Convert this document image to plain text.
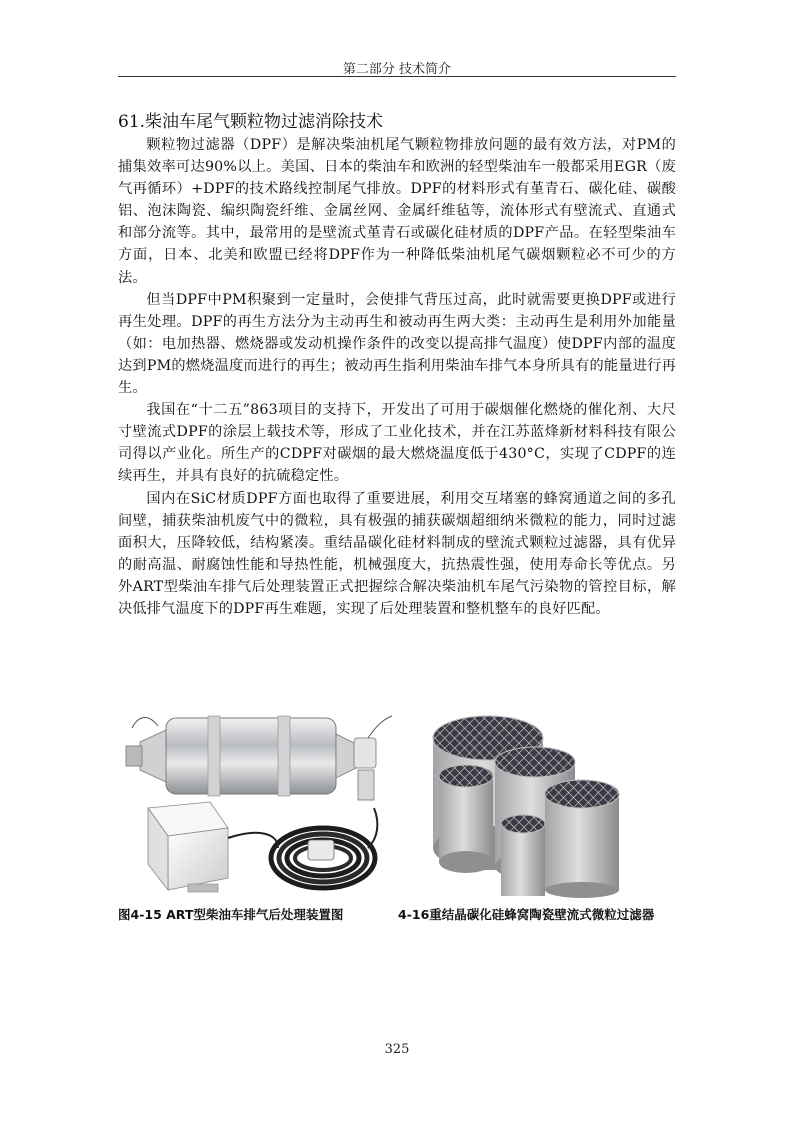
第二部分 技术简介
61.柴油车尾气颗粒物过滤消除技术

颗粒物过滤器（DPF）是解决柴油机尾气颗粒物排放问题的最有效方法，对PM的捕集效率可达90%以上。美国、日本的柴油车和欧洲的轻型柴油车一般都采用EGR（废气再循环）+DPF的技术路线控制尾气排放。DPF的材料形式有堇青石、碳化硅、碳酸铝、泡沫陶瓷、编织陶瓷纤维、金属丝网、金属纤维毡等，流体形式有壁流式、直通式和部分流等。其中，最常用的是壁流式堇青石或碳化硅材质的DPF产品。在轻型柴油车方面，日本、北美和欧盟已经将DPF作为一种降低柴油机尾气碳烟颗粒必不可少的方法。

但当DPF中PM积聚到一定量时，会使排气背压过高，此时就需要更换DPF或进行再生处理。DPF的再生方法分为主动再生和被动再生两大类：主动再生是利用外加能量（如：电加热器、燃烧器或发动机操作条件的改变以提高排气温度）使DPF内部的温度达到PM的燃烧温度而进行的再生；被动再生指利用柴油车排气本身所具有的能量进行再生。

我国在“十二五”863项目的支持下，开发出了可用于碳烟催化燃烧的催化剂、大尺寸壁流式DPF的涂层上载技术等，形成了工业化技术，并在江苏蓝烽新材料科技有限公司得以产业化。所生产的CDPF对碳烟的最大燃烧温度低于430°C，实现了CDPF的连续再生，并具有良好的抗硫稳定性。

国内在SiC材质DPF方面也取得了重要进展，利用交互堵塞的蜂窝通道之间的多孔间壁，捕获柴油机废气中的微粒，具有极强的捕获碳烟超细纳米微粒的能力，同时过滤面积大，压降较低，结构紧凑。重结晶碳化硅材料制成的壁流式颗粒过滤器，具有优异的耐高温、耐腐蚀性能和导热性能，机械强度大，抗热震性强，使用寿命长等优点。另外ART型柴油车排气后处理装置正式把握综合解决柴油机车尾气污染物的管控目标，解决低排气温度下的DPF再生难题，实现了后处理装置和整机整车的良好匹配。

图4-15 ART型柴油车排气后处理装置图	4-16重结晶碳化硅蜂窝陶瓷壁流式微粒过滤器
325
